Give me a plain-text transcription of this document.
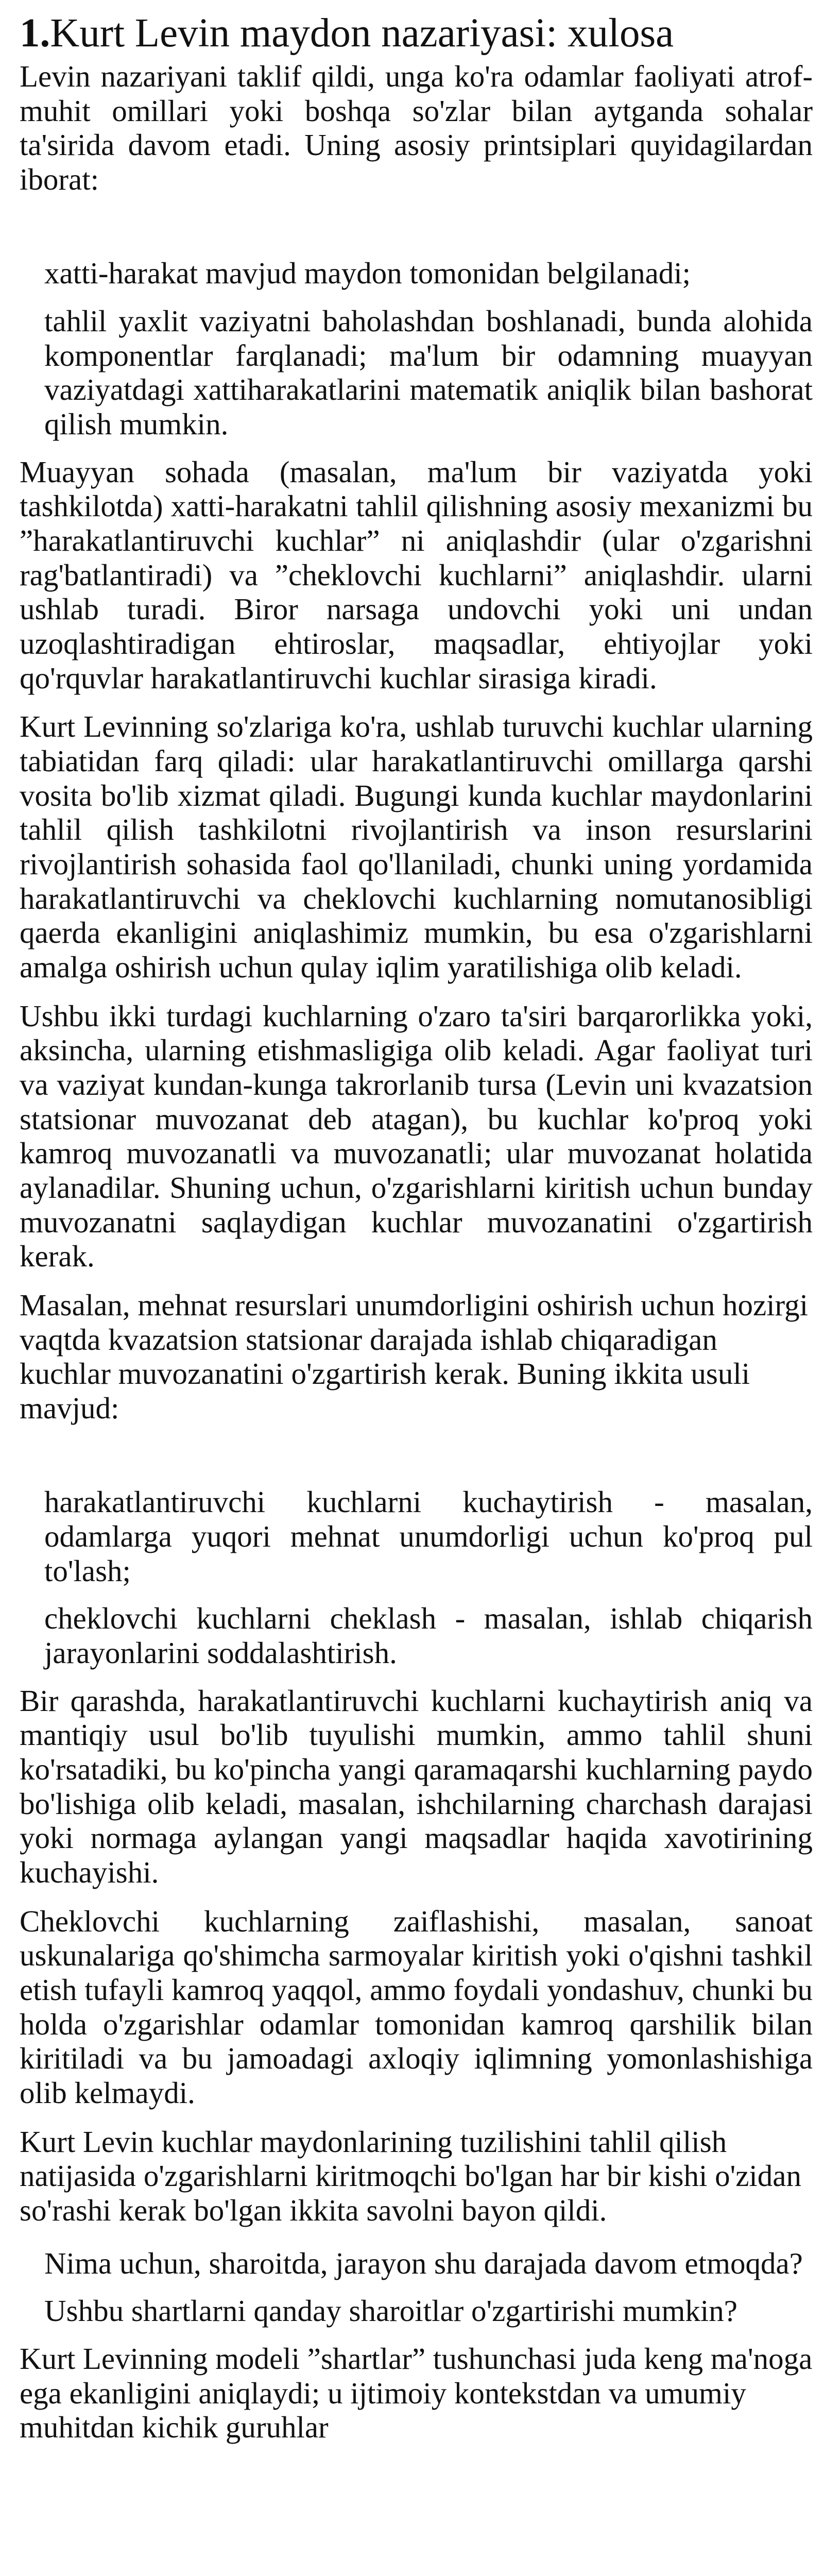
1.Kurt Levin maydon nazariyasi: xulosa

Levin nazariyani taklif qildi, unga ko'ra odamlar faoliyati atrof-muhit omillari yoki boshqa so'zlar bilan aytganda sohalar ta'sirida davom etadi. Uning asosiy printsiplari quyidagilardan iborat:

xatti-harakat mavjud maydon tomonidan belgilanadi;
tahlil yaxlit vaziyatni baholashdan boshlanadi, bunda alohida komponentlar farqlanadi; ma'lum bir odamning muayyan vaziyatdagi xattiharakatlarini matematik aniqlik bilan bashorat qilish mumkin.

Muayyan sohada (masalan, ma'lum bir vaziyatda yoki tashkilotda) xatti-harakatni tahlil qilishning asosiy mexanizmi bu ”harakatlantiruvchi kuchlar” ni aniqlashdir (ular o'zgarishni rag'batlantiradi) va ”cheklovchi kuchlarni” aniqlashdir. ularni ushlab turadi. Biror narsaga undovchi yoki uni undan uzoqlashtiradigan ehtiroslar, maqsadlar, ehtiyojlar yoki qo'rquvlar harakatlantiruvchi kuchlar sirasiga kiradi.

Kurt Levinning so'zlariga ko'ra, ushlab turuvchi kuchlar ularning tabiatidan farq qiladi: ular harakatlantiruvchi omillarga qarshi vosita bo'lib xizmat qiladi. Bugungi kunda kuchlar maydonlarini tahlil qilish tashkilotni rivojlantirish va inson resurslarini rivojlantirish sohasida faol qo'llaniladi, chunki uning yordamida harakatlantiruvchi va cheklovchi kuchlarning nomutanosibligi qaerda ekanligini aniqlashimiz mumkin, bu esa o'zgarishlarni amalga oshirish uchun qulay iqlim yaratilishiga olib keladi.

Ushbu ikki turdagi kuchlarning o'zaro ta'siri barqarorlikka yoki, aksincha, ularning etishmasligiga olib keladi. Agar faoliyat turi va vaziyat kundan-kunga takrorlanib tursa (Levin uni kvazatsion statsionar muvozanat deb atagan), bu kuchlar ko'proq yoki kamroq muvozanatli va muvozanatli; ular muvozanat holatida aylanadilar. Shuning uchun, o'zgarishlarni kiritish uchun bunday muvozanatni saqlaydigan kuchlar muvozanatini o'zgartirish kerak.

Masalan, mehnat resurslari unumdorligini oshirish uchun hozirgi vaqtda kvazatsion statsionar darajada ishlab chiqaradigan kuchlar muvozanatini o'zgartirish kerak. Buning ikkita usuli mavjud:

harakatlantiruvchi kuchlarni kuchaytirish - masalan, odamlarga yuqori mehnat unumdorligi uchun ko'proq pul to'lash;
cheklovchi kuchlarni cheklash - masalan, ishlab chiqarish jarayonlarini soddalashtirish.

Bir qarashda, harakatlantiruvchi kuchlarni kuchaytirish aniq va mantiqiy usul bo'lib tuyulishi mumkin, ammo tahlil shuni ko'rsatadiki, bu ko'pincha yangi qaramaqarshi kuchlarning paydo bo'lishiga olib keladi, masalan, ishchilarning charchash darajasi yoki normaga aylangan yangi maqsadlar haqida xavotirining kuchayishi.

Cheklovchi kuchlarning zaiflashishi, masalan, sanoat uskunalariga qo'shimcha sarmoyalar kiritish yoki o'qishni tashkil etish tufayli kamroq yaqqol, ammo foydali yondashuv, chunki bu holda o'zgarishlar odamlar tomonidan kamroq qarshilik bilan kiritiladi va bu jamoadagi axloqiy iqlimning yomonlashishiga olib kelmaydi.

Kurt Levin kuchlar maydonlarining tuzilishini tahlil qilish natijasida o'zgarishlarni kiritmoqchi bo'lgan har bir kishi o'zidan so'rashi kerak bo'lgan ikkita savolni bayon qildi.

Nima uchun, sharoitda, jarayon shu darajada davom etmoqda?
Ushbu shartlarni qanday sharoitlar o'zgartirishi mumkin?

Kurt Levinning modeli ”shartlar” tushunchasi juda keng ma'noga ega ekanligini aniqlaydi; u ijtimoiy kontekstdan va umumiy muhitdan kichik guruhlar
